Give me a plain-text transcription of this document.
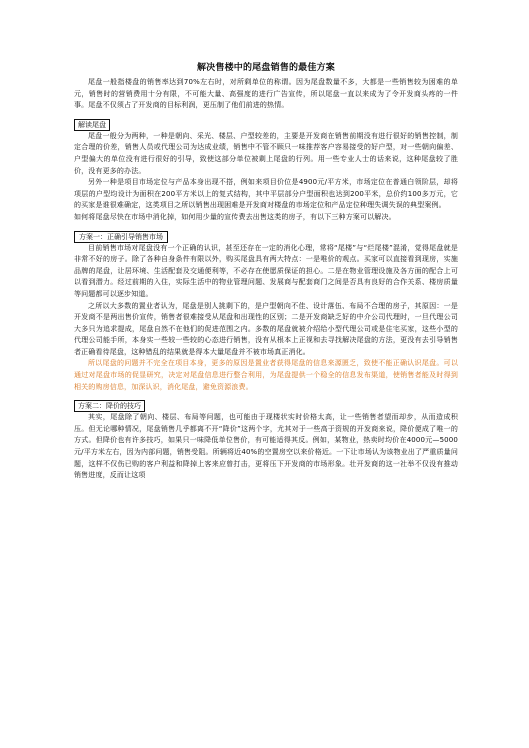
解决售楼中的尾盘销售的最佳方案

尾盘一般指楼盘的销售率达到70%左右时，对所剩单位的称谓。因为尾盘数量不多，大都是一些销售较为困难的单元，销售时的营销费用十分有限，不可能大量、高强度的进行广告宣传，所以尾盘一直以来成为了令开发商头疼的一件事。尾盘不仅须占了开发商的目标利润，更压制了他们前进的热情。

解读尾盘

尾盘一般分为两种，一种是朝向、采光、楼层、户型较差的，主要是开发商在销售前期没有进行很好的销售控制，制定合理的价差，销售人员或代理公司为达成业绩，销售中不管不顾只一味推荐客户容易接受的好户型，对一些朝向偏差、户型偏大的单位没有进行很好的引导，致使这部分单位被剩上尾盘的行列。用一些专业人士的话来说，这种尾盘较了胜价，没有更多的办法。

另外一种是项目市场定位与产品本身出现不搭，例如来项目价位是4900元/平方米，市场定位在普通白领阶层，却将项层的户型均设计为面积在200平方米以上的复式结构，其中平层部分户型面积也达到200平米，总价约100多万元，它的买家是谁很难确定，这类项目之所以销售出现困难是开发商对楼盘的市场定位和产品定位种理失调失误的典型案例。

如何将尾盘尽快在市场中消化掉，如何用少量的宣传费去出售这类的房子，有以下三种方案可以解决。

方案一：正确引导销售市场

目前销售市场对尾盘没有一个正确的认识，甚至还存在一定的消化心理，常将“尾楼”与“烂尾楼”混淆，觉得尾盘就是非常不好的房子。除了各种自身条件有限以外，购买尾盘具有两大特点：一是唯价的观点。买家可以直接看到现房，实施品牌的尾盘，让居环境、生活配套及交通便利等，不必存在使愿质保证的担心。二是在物业管理设施及各方面的配合上可以看到潜力。经过前期的入住，实际生活中的物业管理问题、发展商与配套商门之间是否具有良好的合作关系、楼房质量等问题都可以逐步知道。

之所以大多数的置业者认为，尾盘是别人挑剩下的，是户型朝向不佳、设计落伍、布局不合理的房子，其原因：一是开发商不是两出售价宣传，销售者很难接受从尾盘和出现性的区别；二是开发商缺乏好的中介公司代理时，一旦代理公司大多只为追求提成，尾盘自然不在他们的促进范围之内。多数的尾盘就被介绍给小型代理公司或是住宅买家，这些小型的代理公司能手所，本身实一些较一些较的心态进行销售，没有从根本上正视和去寻找解决尾盘的方法，更没有去引导销售者正确看待尾盘，这种错乱的结果就是得本大量尾盘并不被市场真正消化。

所以尾盘的问题并不完全在项目本身，更多的原因是置业者获得尾盘的信息来源匮乏，致使不能正确认识尾盘。可以通过对尾盘市场的促显研究，决定对尾盘信息进行整合利用，为尾盘提供一个稳全的信息发布渠道，使销售者能及时得到相关的购房信息，加深认识，消化尾盘，避免资源浪费。

方案二：降价的技巧

其实，尾盘除了朝向、楼层、布局等问题，也可能由于现楼状实时价格太高，让一些销售者望而却步，从而造成积压。但无论哪种情况，尾盘销售几乎都离不开“降价”这两个字，尤其对于一些高于资规的开发商来说，降价便成了唯一的方式。但降价也有许多技巧，如果只一味降低单位售价，有可能适得其反。例如，某物业，热卖时均价在4000元—5000元/平方米左右，因为内部问题，销售受阻。所辆将近40%的空置房空以来价格近。一下让市场认为该物业出了严重质量问题，这样不仅伤已购的客户利益和降掉上客来应曾打击，更将压下开发商的市场形象。壮开发商的这一社举不仅没有推动销售进度，反而让这项
